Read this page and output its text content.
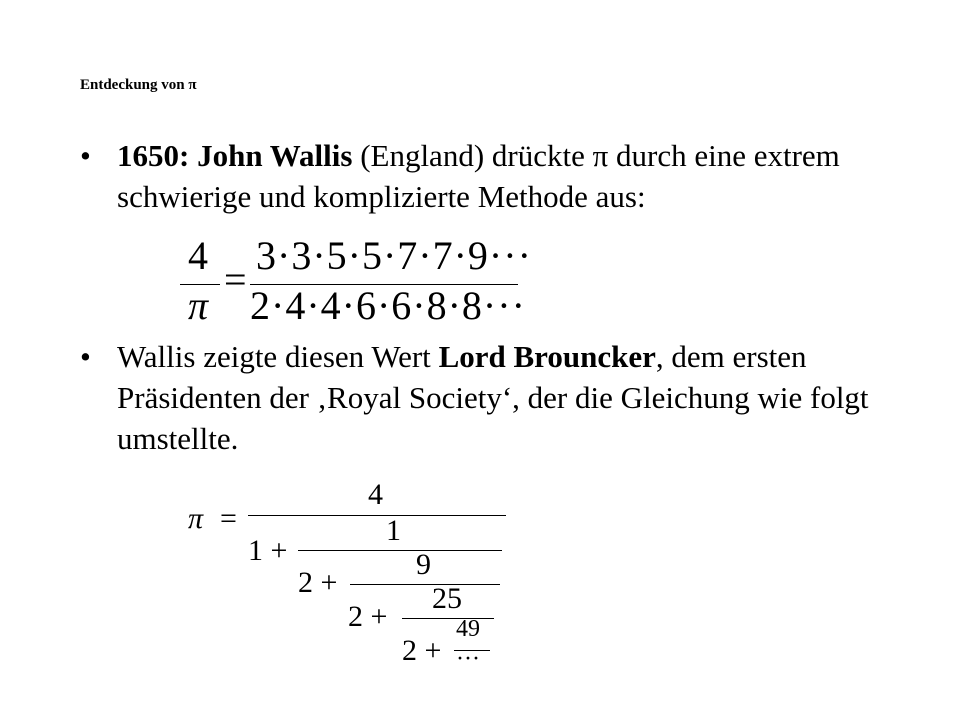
Entdeckung von π
• 1650: John Wallis (England) drückte π durch eine extrem schwierige und komplizierte Methode aus:
4
π
=
3·3·5·5·7·7·9···
2·4·4·6·6·8·8···
• Wallis zeigte diesen Wert Lord Brouncker, dem ersten Präsidenten der ‚Royal Society‘, der die Gleichung wie folgt umstellte.
π =
4
1 +
1
2 +
9
2 +
25
2 +
49
···
